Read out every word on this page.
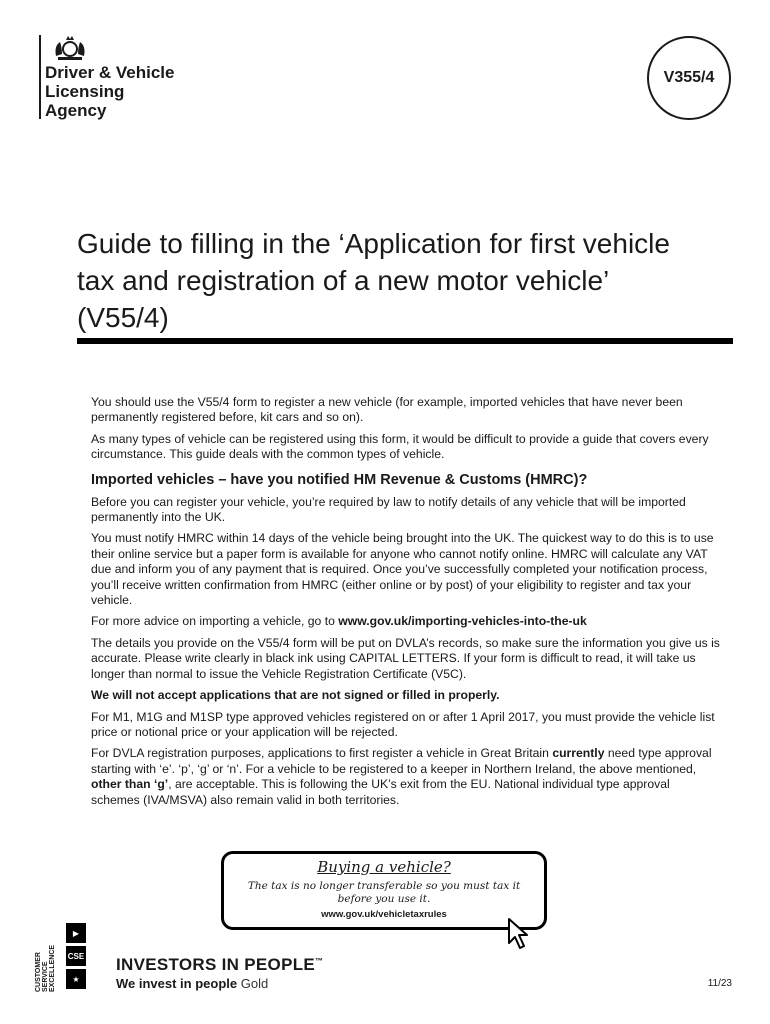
Driver & Vehicle
Licensing
Agency
V355/4
Guide to filling in the ‘Application for first vehicle tax and registration of a new motor vehicle’ (V55/4)

You should use the V55/4 form to register a new vehicle (for example, imported vehicles that have never been permanently registered before, kit cars and so on).

As many types of vehicle can be registered using this form, it would be difficult to provide a guide that covers every circumstance. This guide deals with the common types of vehicle.

Imported vehicles – have you notified HM Revenue & Customs (HMRC)?

Before you can register your vehicle, you’re required by law to notify details of any vehicle that will be imported permanently into the UK.

You must notify HMRC within 14 days of the vehicle being brought into the UK. The quickest way to do this is to use their online service but a paper form is available for anyone who cannot notify online. HMRC will calculate any VAT due and inform you of any payment that is required. Once you’ve successfully completed your notification process, you’ll receive written confirmation from HMRC (either online or by post) of your eligibility to register and tax your vehicle.

For more advice on importing a vehicle, go to www.gov.uk/importing-vehicles-into-the-uk

The details you provide on the V55/4 form will be put on DVLA’s records, so make sure the information you give us is accurate. Please write clearly in black ink using CAPITAL LETTERS. If your form is difficult to read, it will take us longer than normal to issue the Vehicle Registration Certificate (V5C).

We will not accept applications that are not signed or filled in properly.

For M1, M1G and M1SP type approved vehicles registered on or after 1 April 2017, you must provide the vehicle list price or notional price or your application will be rejected.

For DVLA registration purposes, applications to first register a vehicle in Great Britain currently need type approval starting with ‘e’. ‘p’, ‘g’ or ‘n’. For a vehicle to be registered to a keeper in Northern Ireland, the above mentioned, other than ‘g’, are acceptable. This is following the UK’s exit from the EU. National individual type approval schemes (IVA/MSVA) also remain valid in both territories.

Buying a vehicle?
The tax is no longer transferable so you must tax it before you use it.
www.gov.uk/vehicletaxrules
CUSTOMER SERVICE EXCELLENCE
▶
CSE
★
INVESTORS IN PEOPLE™
We invest in people Gold	11/23
